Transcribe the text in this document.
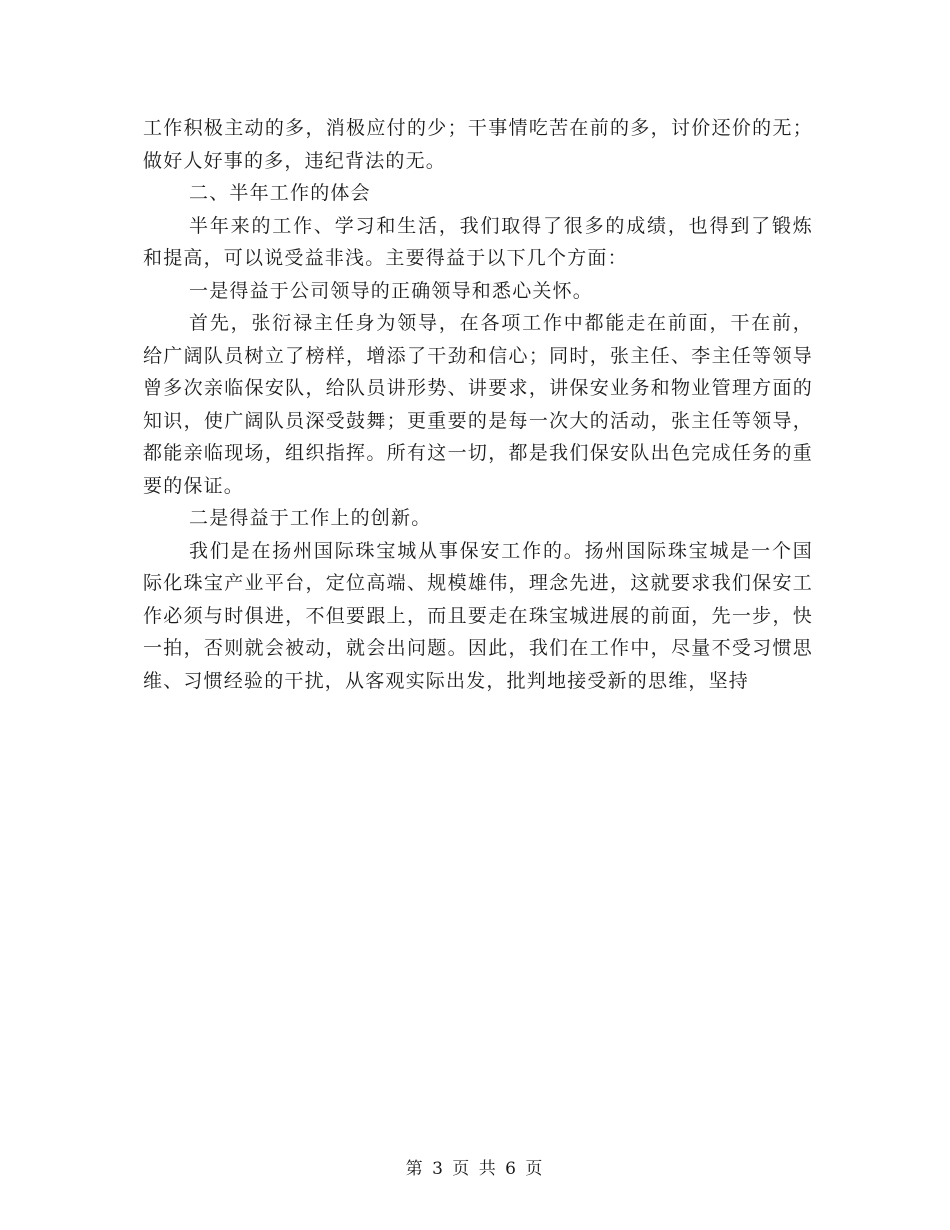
工作积极主动的多，消极应付的少；干事情吃苦在前的多，讨价还价的无；做好人好事的多，违纪背法的无。

二、半年工作的体会

半年来的工作、学习和生活，我们取得了很多的成绩，也得到了锻炼和提高，可以说受益非浅。主要得益于以下几个方面：

一是得益于公司领导的正确领导和悉心关怀。

首先，张衍禄主任身为领导，在各项工作中都能走在前面，干在前，给广阔队员树立了榜样，增添了干劲和信心；同时，张主任、李主任等领导曾多次亲临保安队，给队员讲形势、讲要求，讲保安业务和物业管理方面的知识，使广阔队员深受鼓舞；更重要的是每一次大的活动，张主任等领导，都能亲临现场，组织指挥。所有这一切，都是我们保安队出色完成任务的重要的保证。

二是得益于工作上的创新。

我们是在扬州国际珠宝城从事保安工作的。扬州国际珠宝城是一个国际化珠宝产业平台，定位高端、规模雄伟，理念先进，这就要求我们保安工作必须与时俱进，不但要跟上，而且要走在珠宝城进展的前面，先一步，快一拍，否则就会被动，就会出问题。因此，我们在工作中，尽量不受习惯思维、习惯经验的干扰，从客观实际出发，批判地接受新的思维，坚持

第 3 页 共 6 页
